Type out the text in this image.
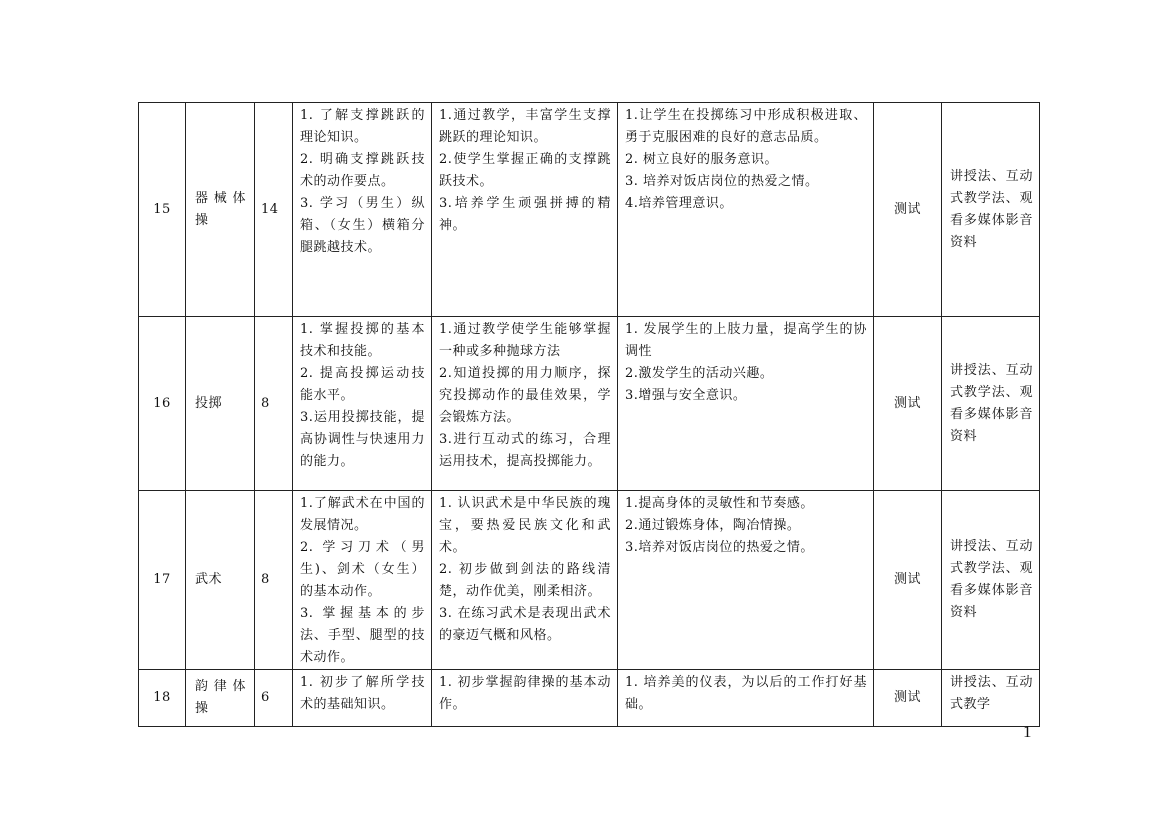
15	器械体操	14	1. 了解支撑跳跃的理论知识。
2. 明确支撑跳跃技术的动作要点。
3. 学习（男生）纵箱、（女生）横箱分腿跳越技术。	1.通过教学，丰富学生支撑跳跃的理论知识。
2.使学生掌握正确的支撑跳跃技术。
3.培养学生顽强拼搏的精神。	1.让学生在投掷练习中形成积极进取、勇于克服困难的良好的意志品质。
2. 树立良好的服务意识。
3. 培养对饭店岗位的热爱之情。
4.培养管理意识。	测试	讲授法、互动式教学法、观看多媒体影音资料
16	投掷	8	1. 掌握投掷的基本技术和技能。
2. 提高投掷运动技能水平。
3.运用投掷技能，提高协调性与快速用力的能力。	1.通过教学使学生能够掌握一种或多种抛球方法
2.知道投掷的用力顺序，探究投掷动作的最佳效果，学会锻炼方法。
3.进行互动式的练习，合理运用技术，提高投掷能力。	1. 发展学生的上肢力量，提高学生的协调性
2.激发学生的活动兴趣。
3.增强与安全意识。	测试	讲授法、互动式教学法、观看多媒体影音资料
17	武术	8	1.了解武术在中国的发展情况。
2. 学习刀术（男生)、剑术（女生）的基本动作。
3. 掌握基本的步法、手型、腿型的技术动作。	1. 认识武术是中华民族的瑰宝，要热爱民族文化和武术。
2. 初步做到剑法的路线清楚，动作优美，刚柔相济。
3. 在练习武术是表现出武术的豪迈气概和风格。	1.提高身体的灵敏性和节奏感。
2.通过锻炼身体，陶冶情操。
3.培养对饭店岗位的热爱之情。	测试	讲授法、互动式教学法、观看多媒体影音资料
18	韵律体操	6	1. 初步了解所学技术的基础知识。	1. 初步掌握韵律操的基本动作。	1. 培养美的仪表，为以后的工作打好基础。	测试	讲授法、互动式教学
1
